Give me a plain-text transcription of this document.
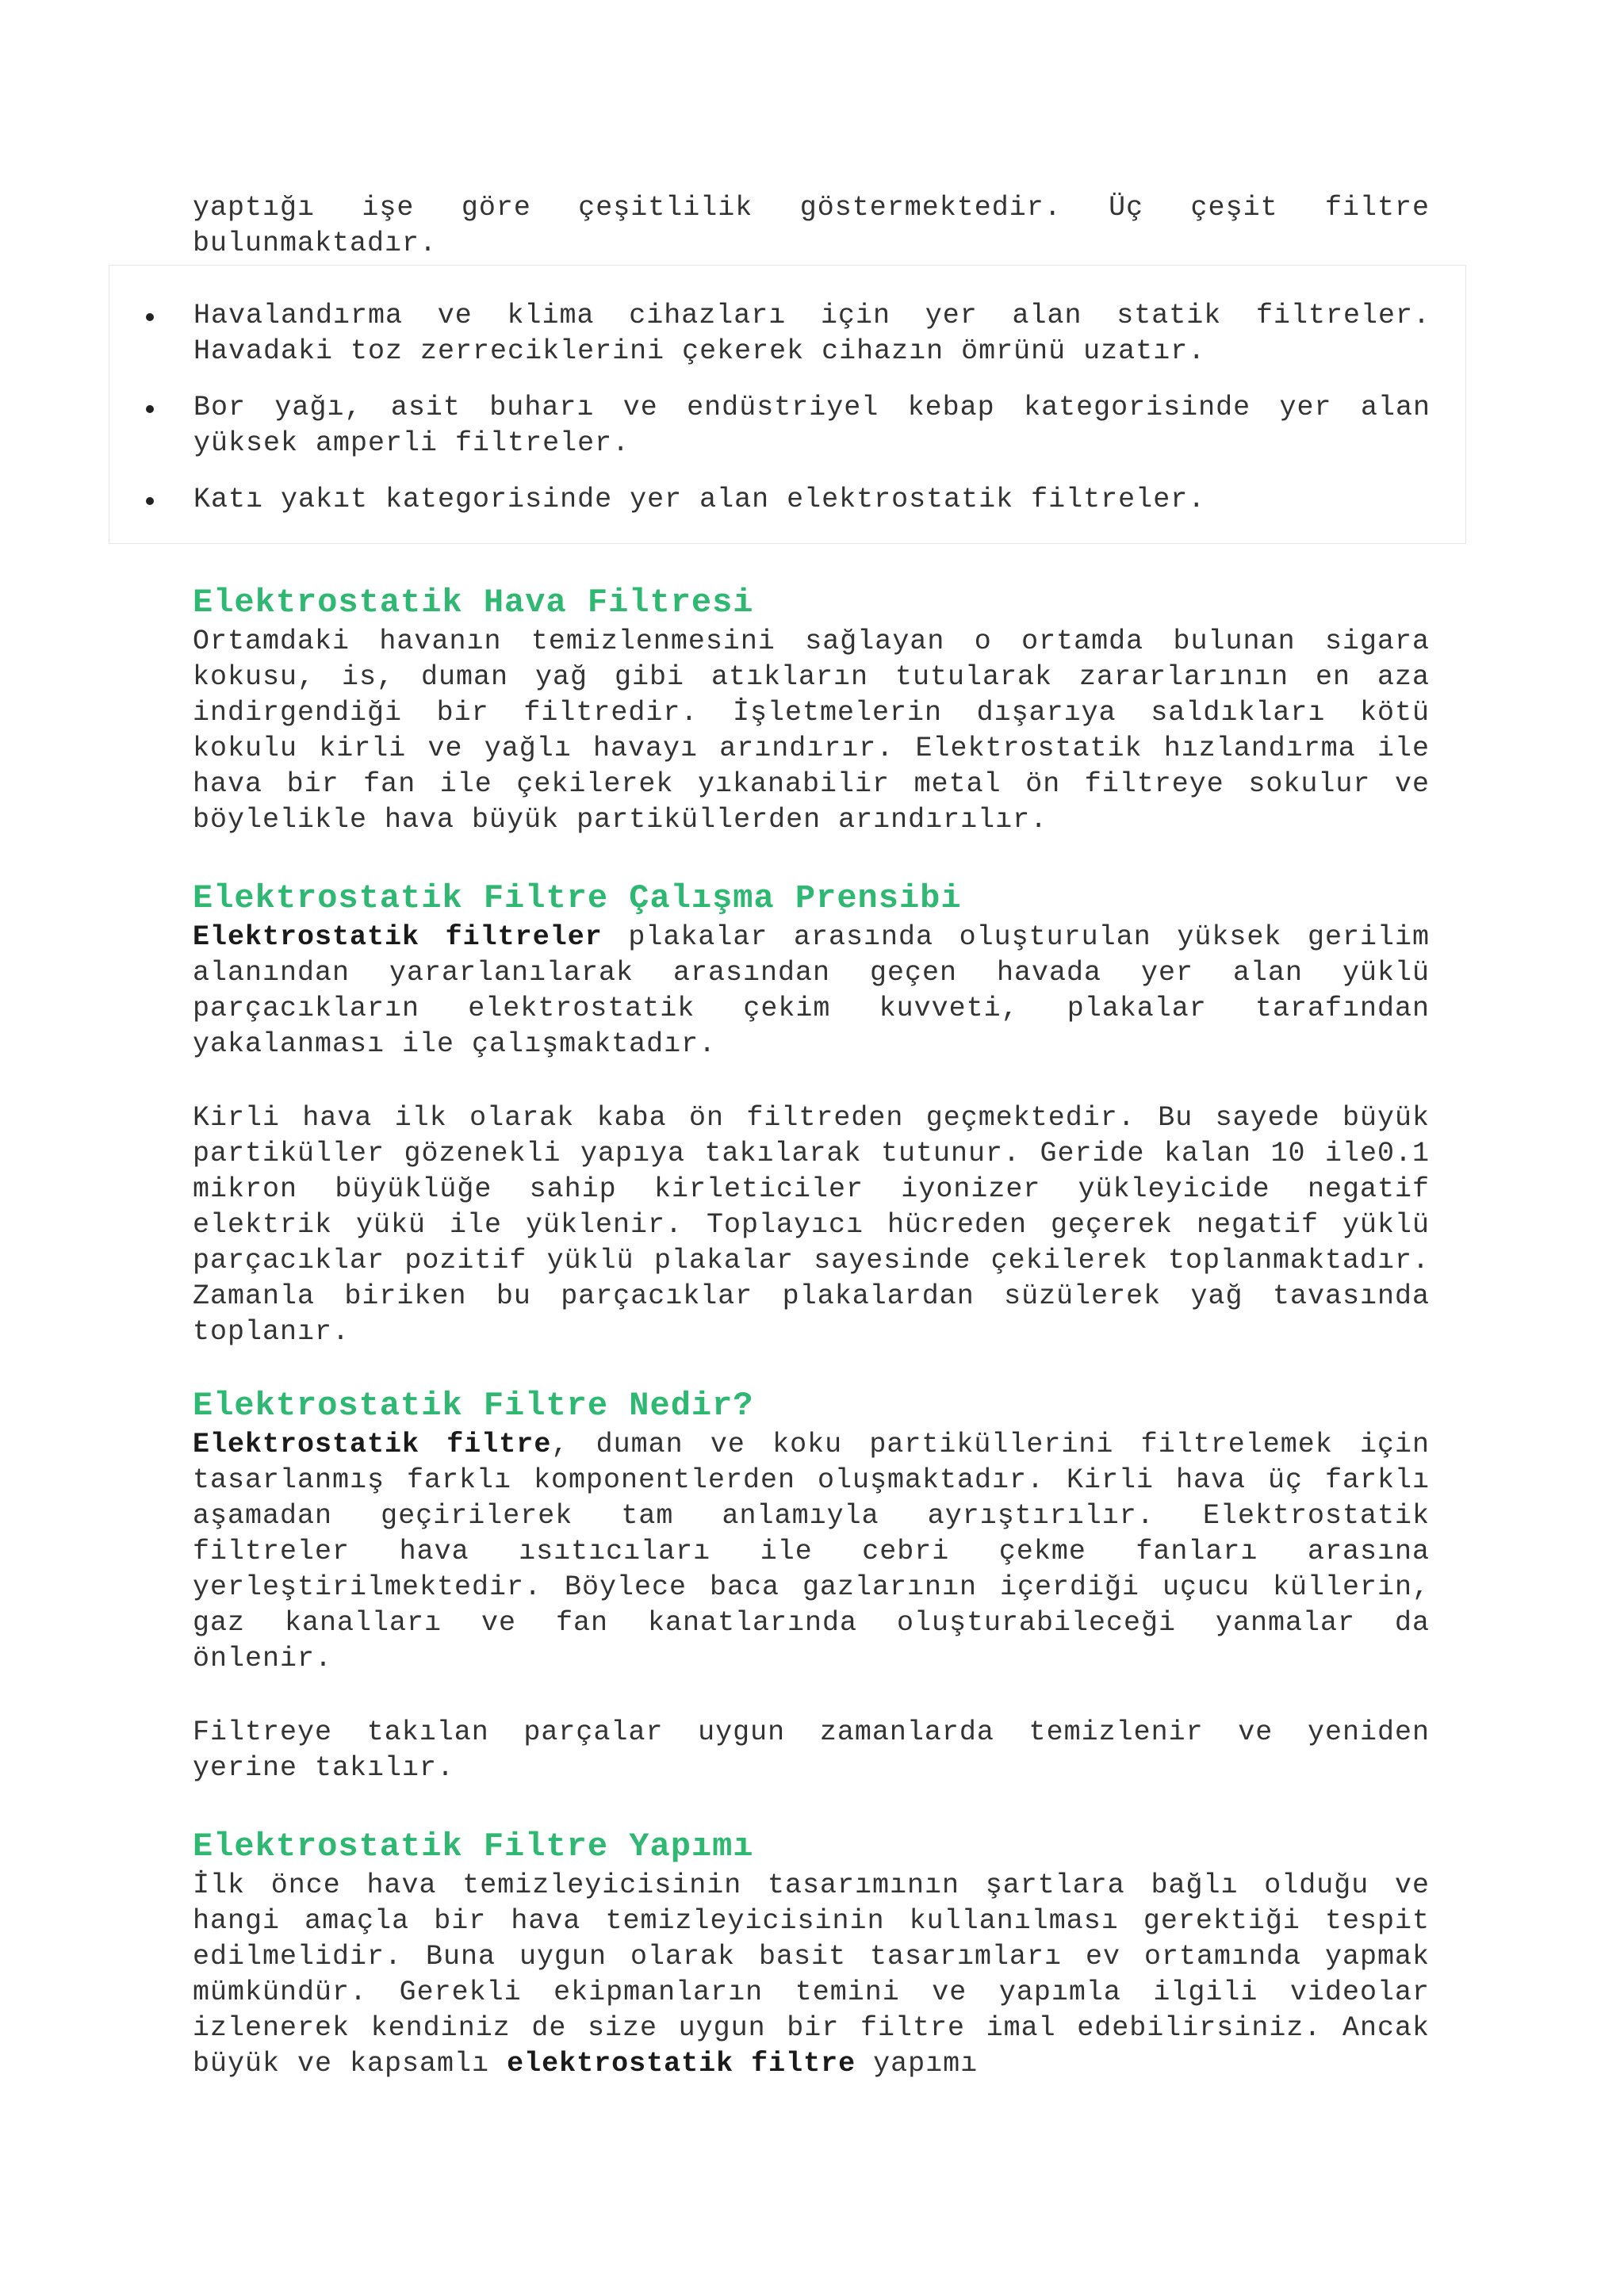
yaptığı işe göre çeşitlilik göstermektedir. Üç çeşit filtre bulunmaktadır.

Havalandırma ve klima cihazları için yer alan statik filtreler. Havadaki toz zerreciklerini çekerek cihazın ömrünü uzatır.
Bor yağı, asit buharı ve endüstriyel kebap kategorisinde yer alan yüksek amperli filtreler.
Katı yakıt kategorisinde yer alan elektrostatik filtreler.
Elektrostatik Hava Filtresi

Ortamdaki havanın temizlenmesini sağlayan o ortamda bulunan sigara kokusu, is, duman yağ gibi atıkların tutularak zararlarının en aza indirgendiği bir filtredir. İşletmelerin dışarıya saldıkları kötü kokulu kirli ve yağlı havayı arındırır. Elektrostatik hızlandırma ile hava bir fan ile çekilerek yıkanabilir metal ön filtreye sokulur ve böylelikle hava büyük partiküllerden arındırılır.

Elektrostatik Filtre Çalışma Prensibi

Elektrostatik filtreler plakalar arasında oluşturulan yüksek gerilim alanından yararlanılarak arasından geçen havada yer alan yüklü parçacıkların elektrostatik çekim kuvveti, plakalar tarafından yakalanması ile çalışmaktadır.

Kirli hava ilk olarak kaba ön filtreden geçmektedir. Bu sayede büyük partiküller gözenekli yapıya takılarak tutunur. Geride kalan 10 ile0.1 mikron büyüklüğe sahip kirleticiler iyonizer yükleyicide negatif elektrik yükü ile yüklenir. Toplayıcı hücreden geçerek negatif yüklü parçacıklar pozitif yüklü plakalar sayesinde çekilerek toplanmaktadır. Zamanla biriken bu parçacıklar plakalardan süzülerek yağ tavasında toplanır.

Elektrostatik Filtre Nedir?

Elektrostatik filtre, duman ve koku partiküllerini filtrelemek için tasarlanmış farklı komponentlerden oluşmaktadır. Kirli hava üç farklı aşamadan geçirilerek tam anlamıyla ayrıştırılır. Elektrostatik filtreler hava ısıtıcıları ile cebri çekme fanları arasına yerleştirilmektedir. Böylece baca gazlarının içerdiği uçucu küllerin, gaz kanalları ve fan kanatlarında oluşturabileceği yanmalar da önlenir.

Filtreye takılan parçalar uygun zamanlarda temizlenir ve yeniden yerine takılır.

Elektrostatik Filtre Yapımı

İlk önce hava temizleyicisinin tasarımının şartlara bağlı olduğu ve hangi amaçla bir hava temizleyicisinin kullanılması gerektiği tespit edilmelidir. Buna uygun olarak basit tasarımları ev ortamında yapmak mümkündür. Gerekli ekipmanların temini ve yapımla ilgili videolar izlenerek kendiniz de size uygun bir filtre imal edebilirsiniz. Ancak büyük ve kapsamlı elektrostatik filtre yapımı
